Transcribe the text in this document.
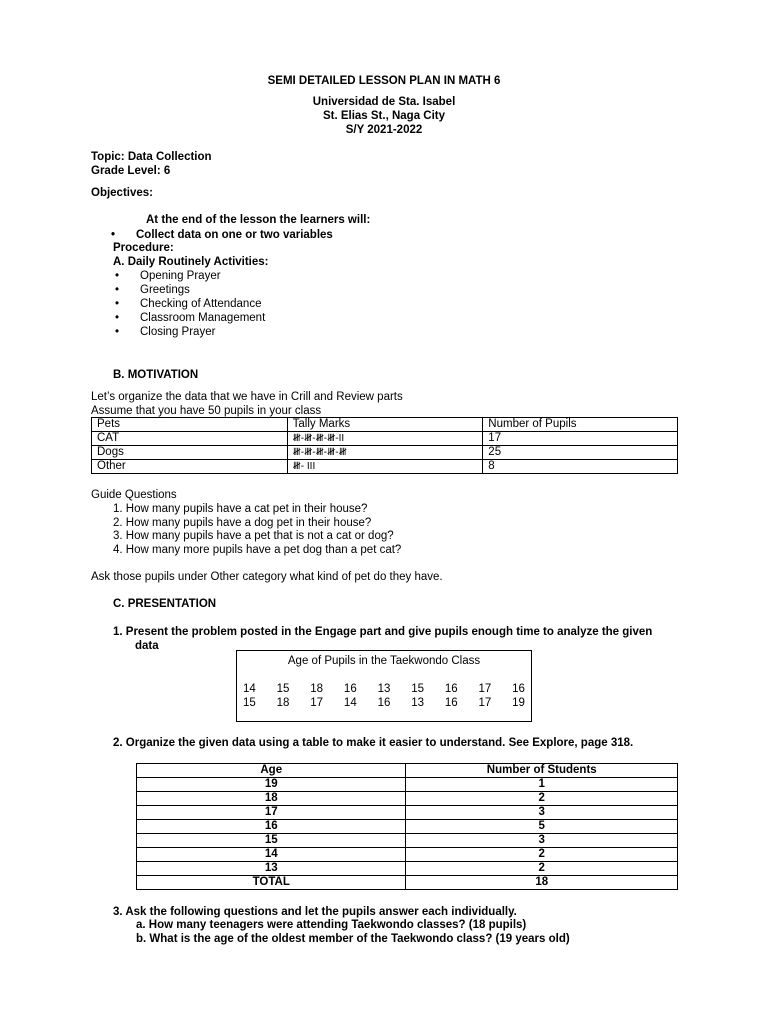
SEMI DETAILED LESSON PLAN IN MATH 6
Universidad de Sta. Isabel
St. Elias St., Naga City
S/Y 2021-2022
Topic: Data Collection
Grade Level: 6
Objectives:
At the end of the lesson the learners will:
• Collect data on one or two variables
Procedure:
A. Daily Routinely Activities:
• Opening Prayer
• Greetings
• Checking of Attendance
• Classroom Management
• Closing Prayer
B. MOTIVATION
Let’s organize the data that we have in Crill and Review parts
Assume that you have 50 pupils in your class
Pets	Tally Marks	Number of Pupils
CAT	𝍸-𝍸-𝍸-𝍸-II	17
Dogs	𝍸-𝍸-𝍸-𝍸-𝍸	25
Other	𝍸- III	8
Guide Questions
1. How many pupils have a cat pet in their house?
2. How many pupils have a dog pet in their house?
3. How many pupils have a pet that is not a cat or dog?
4. How many more pupils have a pet dog than a pet cat?
Ask those pupils under Other category what kind of pet do they have.
C. PRESENTATION
1. Present the problem posted in the Engage part and give pupils enough time to analyze the given
data
Age of Pupils in the Taekwondo Class
14 15 18 16 13 15 16 17 16
15 18 17 14 16 13 16 17 19
2. Organize the given data using a table to make it easier to understand. See Explore, page 318.
Age	Number of Students
19	1
18	2
17	3
16	5
15	3
14	2
13	2
TOTAL	18
3. Ask the following questions and let the pupils answer each individually.
a. How many teenagers were attending Taekwondo classes? (18 pupils)
b. What is the age of the oldest member of the Taekwondo class? (19 years old)
